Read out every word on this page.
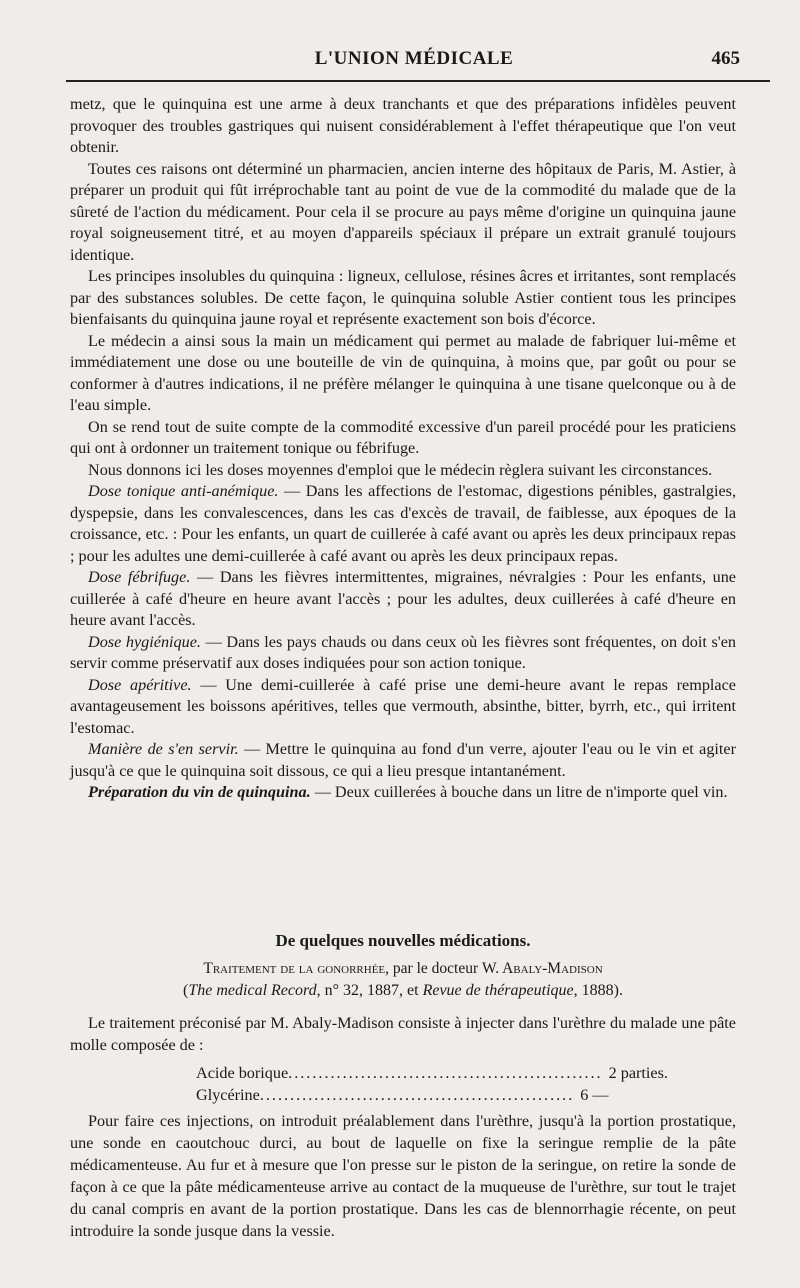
L'UNION MÉDICALE	465

metz, que le quinquina est une arme à deux tranchants et que des préparations infidèles peuvent provoquer des troubles gastriques qui nuisent considérablement à l'effet thérapeutique que l'on veut obtenir.

Toutes ces raisons ont déterminé un pharmacien, ancien interne des hôpitaux de Paris, M. Astier, à préparer un produit qui fût irréprochable tant au point de vue de la commodité du malade que de la sûreté de l'action du médicament. Pour cela il se procure au pays même d'origine un quinquina jaune royal soigneusement titré, et au moyen d'appareils spéciaux il prépare un extrait granulé toujours identique.

Les principes insolubles du quinquina : ligneux, cellulose, résines âcres et irritantes, sont remplacés par des substances solubles. De cette façon, le quinquina soluble Astier contient tous les principes bienfaisants du quinquina jaune royal et représente exactement son bois d'écorce.

Le médecin a ainsi sous la main un médicament qui permet au malade de fabriquer lui-même et immédiatement une dose ou une bouteille de vin de quinquina, à moins que, par goût ou pour se conformer à d'autres indications, il ne préfère mélanger le quinquina à une tisane quelconque ou à de l'eau simple.

On se rend tout de suite compte de la commodité excessive d'un pareil procédé pour les praticiens qui ont à ordonner un traitement tonique ou fébrifuge.

Nous donnons ici les doses moyennes d'emploi que le médecin règlera suivant les circonstances.

Dose tonique anti-anémique. — Dans les affections de l'estomac, digestions pénibles, gastralgies, dyspepsie, dans les convalescences, dans les cas d'excès de travail, de faiblesse, aux époques de la croissance, etc. : Pour les enfants, un quart de cuillerée à café avant ou après les deux principaux repas ; pour les adultes une demi-cuillerée à café avant ou après les deux principaux repas.

Dose fébrifuge. — Dans les fièvres intermittentes, migraines, névralgies : Pour les enfants, une cuillerée à café d'heure en heure avant l'accès ; pour les adultes, deux cuillerées à café d'heure en heure avant l'accès.

Dose hygiénique. — Dans les pays chauds ou dans ceux où les fièvres sont fréquentes, on doit s'en servir comme préservatif aux doses indiquées pour son action tonique.

Dose apéritive. — Une demi-cuillerée à café prise une demi-heure avant le repas remplace avantageusement les boissons apéritives, telles que vermouth, absinthe, bitter, byrrh, etc., qui irritent l'estomac.

Manière de s'en servir. — Mettre le quinquina au fond d'un verre, ajouter l'eau ou le vin et agiter jusqu'à ce que le quinquina soit dissous, ce qui a lieu presque intantanément.

Préparation du vin de quinquina. — Deux cuillerées à bouche dans un litre de n'importe quel vin.

De quelques nouvelles médications.

Traitement de la gonorrhée, par le docteur W. Abaly-Madison

(The medical Record, n° 32, 1887, et Revue de thérapeutique, 1888).

Le traitement préconisé par M. Abaly-Madison consiste à injecter dans l'urèthre du malade une pâte molle composée de :

Acide borique .................................................... 2 parties.
Glycérine .................................................... 6 —

Pour faire ces injections, on introduit préalablement dans l'urèthre, jusqu'à la portion prostatique, une sonde en caoutchouc durci, au bout de laquelle on fixe la seringue remplie de la pâte médicamenteuse. Au fur et à mesure que l'on presse sur le piston de la seringue, on retire la sonde de façon à ce que la pâte médicamenteuse arrive au contact de la muqueuse de l'urèthre, sur tout le trajet du canal compris en avant de la portion prostatique. Dans les cas de blennorrhagie récente, on peut introduire la sonde jusque dans la vessie.
